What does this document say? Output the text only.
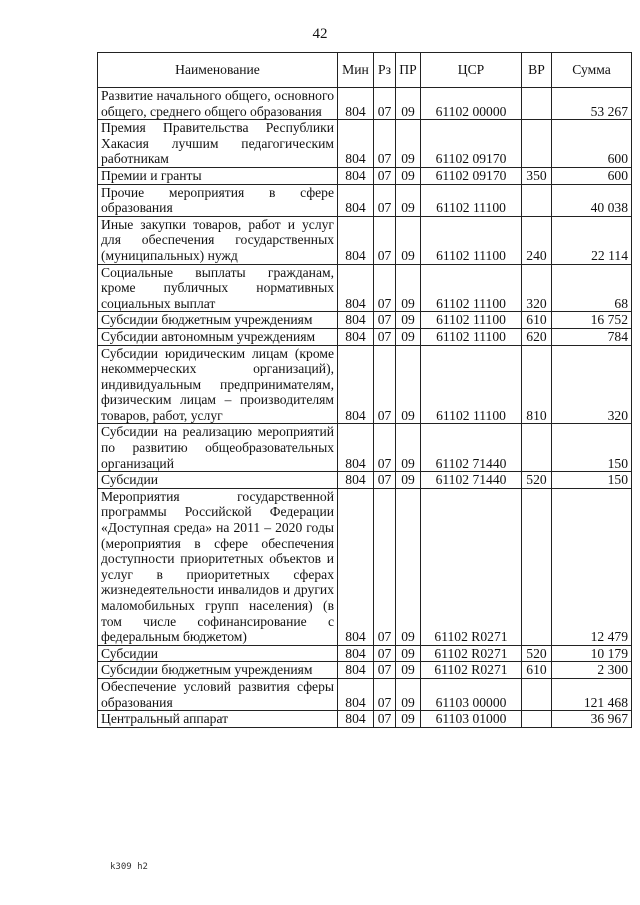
42
Наименование	Мин	Рз	ПР	ЦСР	ВР	Сумма
Развитие начального общего, основного общего, среднего общего образования	804	07	09	61102 00000		53 267
Премия Правительства Республики Хакасия лучшим педагогическим работникам	804	07	09	61102 09170		600
Премии и гранты	804	07	09	61102 09170	350	600
Прочие мероприятия в сфере образования	804	07	09	61102 11100		40 038
Иные закупки товаров, работ и услуг для обеспечения государственных (муниципальных) нужд	804	07	09	61102 11100	240	22 114
Социальные выплаты гражданам, кроме публичных нормативных социальных выплат	804	07	09	61102 11100	320	68
Субсидии бюджетным учреждениям	804	07	09	61102 11100	610	16 752
Субсидии автономным учреждениям	804	07	09	61102 11100	620	784
Субсидии юридическим лицам (кроме некоммерческих организаций), индивидуальным предпринимателям, физическим лицам – производителям товаров, работ, услуг	804	07	09	61102 11100	810	320
Субсидии на реализацию мероприятий по развитию общеобразовательных организаций	804	07	09	61102 71440		150
Субсидии	804	07	09	61102 71440	520	150
Мероприятия государственной программы Российской Федерации «Доступная среда» на 2011 – 2020 годы (мероприятия в сфере обеспечения доступности приоритетных объектов и услуг в приоритетных сферах жизнедеятельности инвалидов и других маломобильных групп населения) (в том числе софинансирование с федеральным бюджетом)	804	07	09	61102 R0271		12 479
Субсидии	804	07	09	61102 R0271	520	10 179
Субсидии бюджетным учреждениям	804	07	09	61102 R0271	610	2 300
Обеспечение условий развития сферы образования	804	07	09	61103 00000		121 468
Центральный аппарат	804	07	09	61103 01000		36 967
k309 h2
